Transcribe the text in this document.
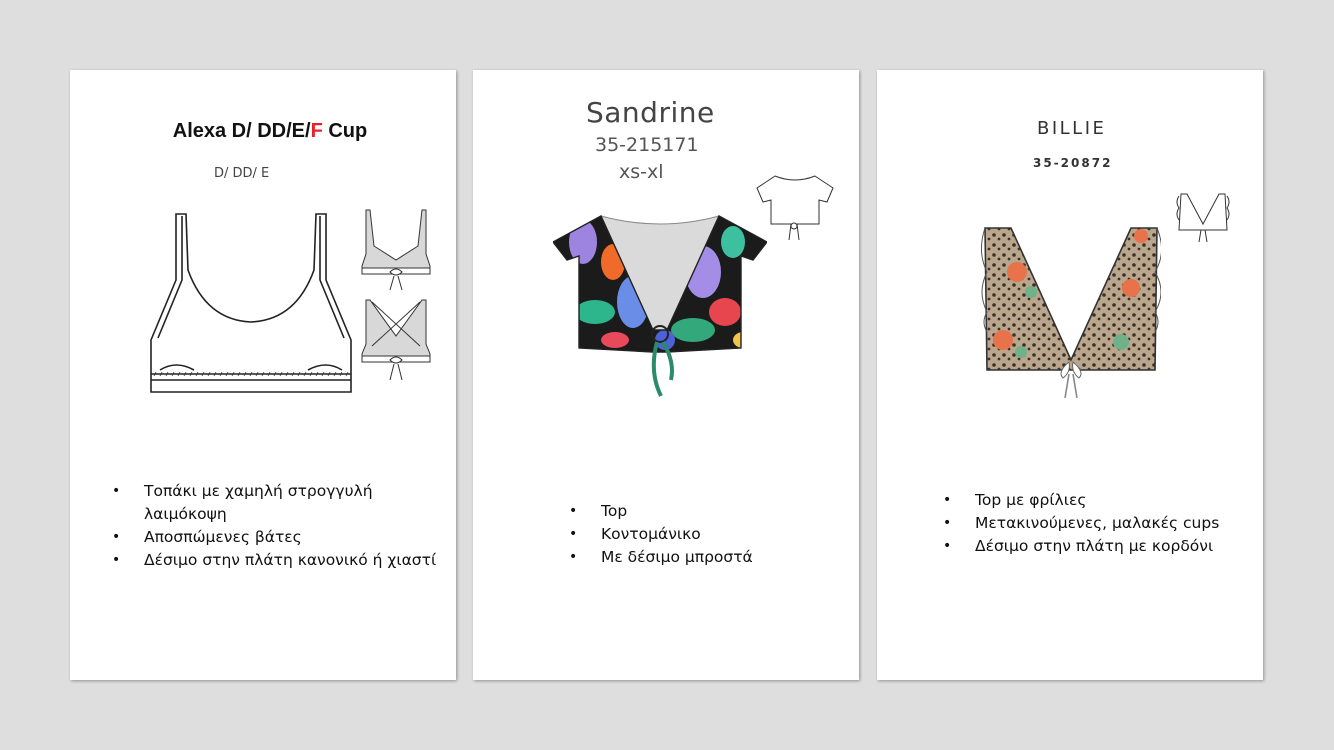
Alexa D/ DD/E/F Cup
D/ DD/ E
• Τοπάκι με χαμηλή στρογγυλή λαιμόκοψη
• Αποσπώμενες βάτες
• Δέσιμο στην πλάτη κανονικό ή χιαστί
Sandrine
35-215171
xs-xl
• Top
• Κοντομάνικο
• Με δέσιμο μπροστά
BILLIE
35-20872
• Top με φρίλιες
• Μετακινούμενες, μαλακές cups
• Δέσιμο στην πλάτη με κορδόνι
